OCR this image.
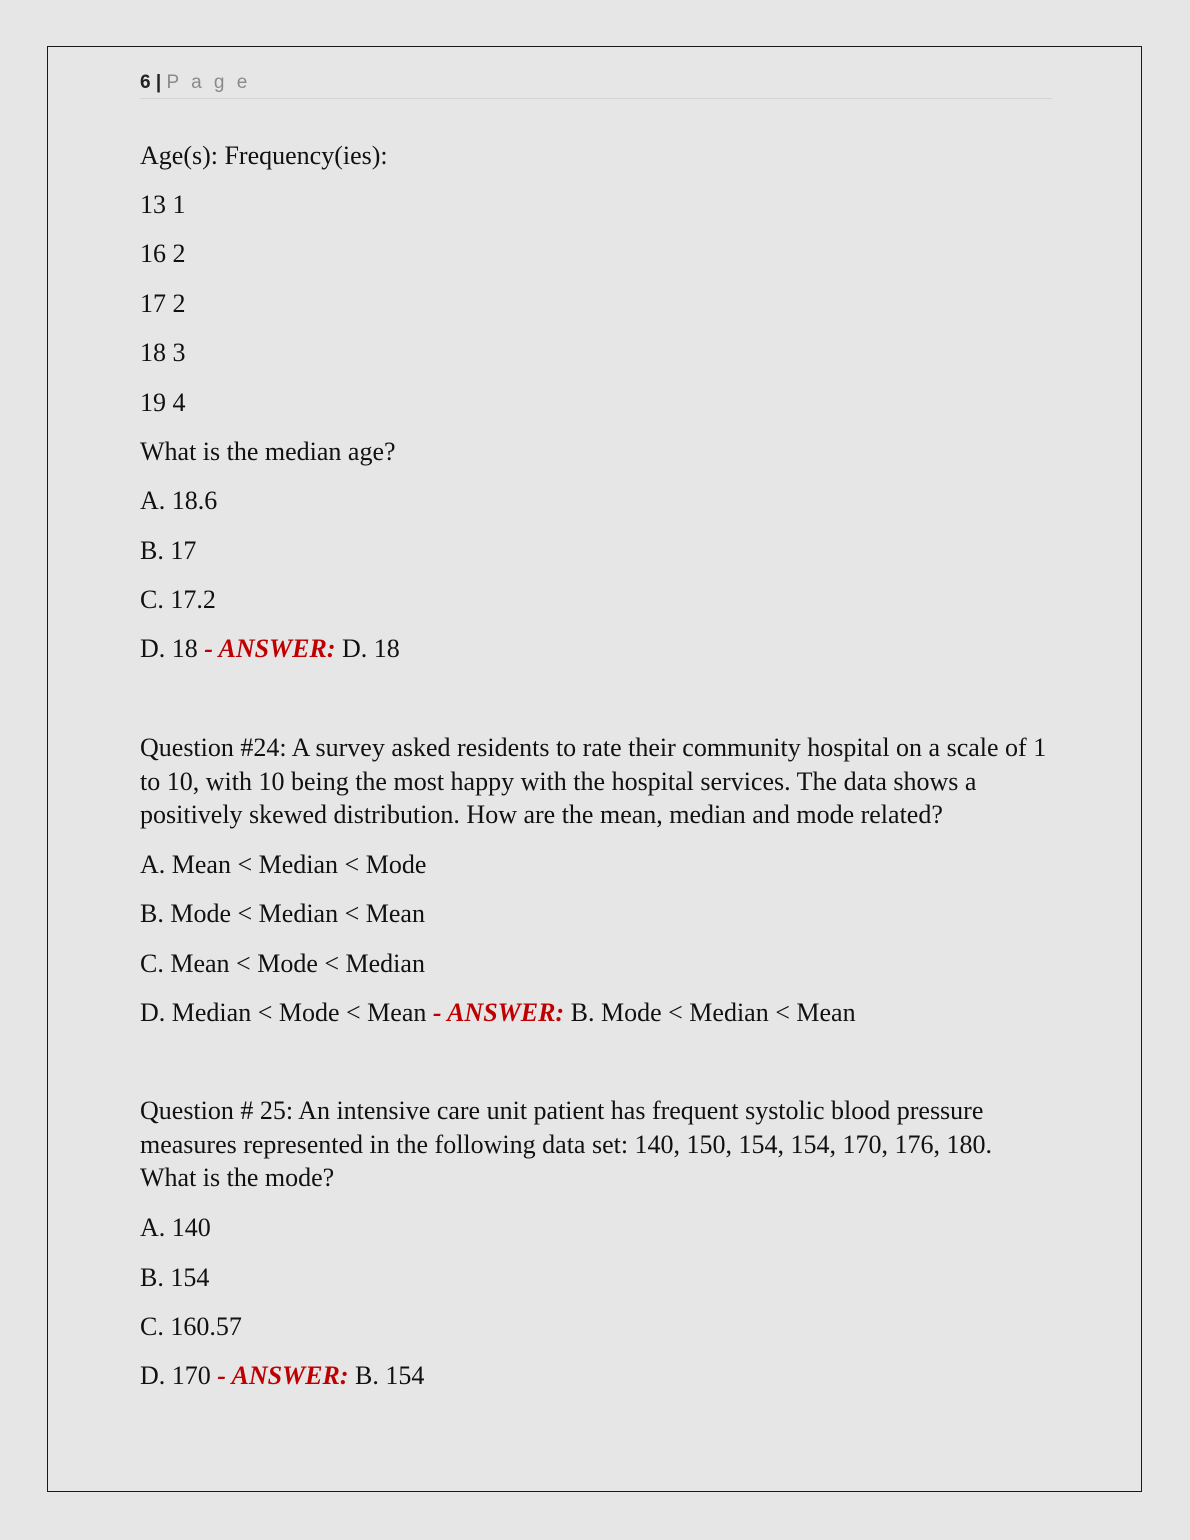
6 | P a g e
Age(s): Frequency(ies):
13 1
16 2
17 2
18 3
19 4
What is the median age?
A. 18.6
B. 17
C. 17.2
D. 18 - ANSWER: D. 18

Question #24: A survey asked residents to rate their community hospital on a scale of 1 to 10, with 10 being the most happy with the hospital services. The data shows a positively skewed distribution. How are the mean, median and mode related?

A. Mean < Median < Mode
B. Mode < Median < Mean
C. Mean < Mode < Median
D. Median < Mode < Mean - ANSWER: B. Mode < Median < Mean

Question # 25: An intensive care unit patient has frequent systolic blood pressure measures represented in the following data set: 140, 150, 154, 154, 170, 176, 180. What is the mode?

A. 140
B. 154
C. 160.57
D. 170 - ANSWER: B. 154
